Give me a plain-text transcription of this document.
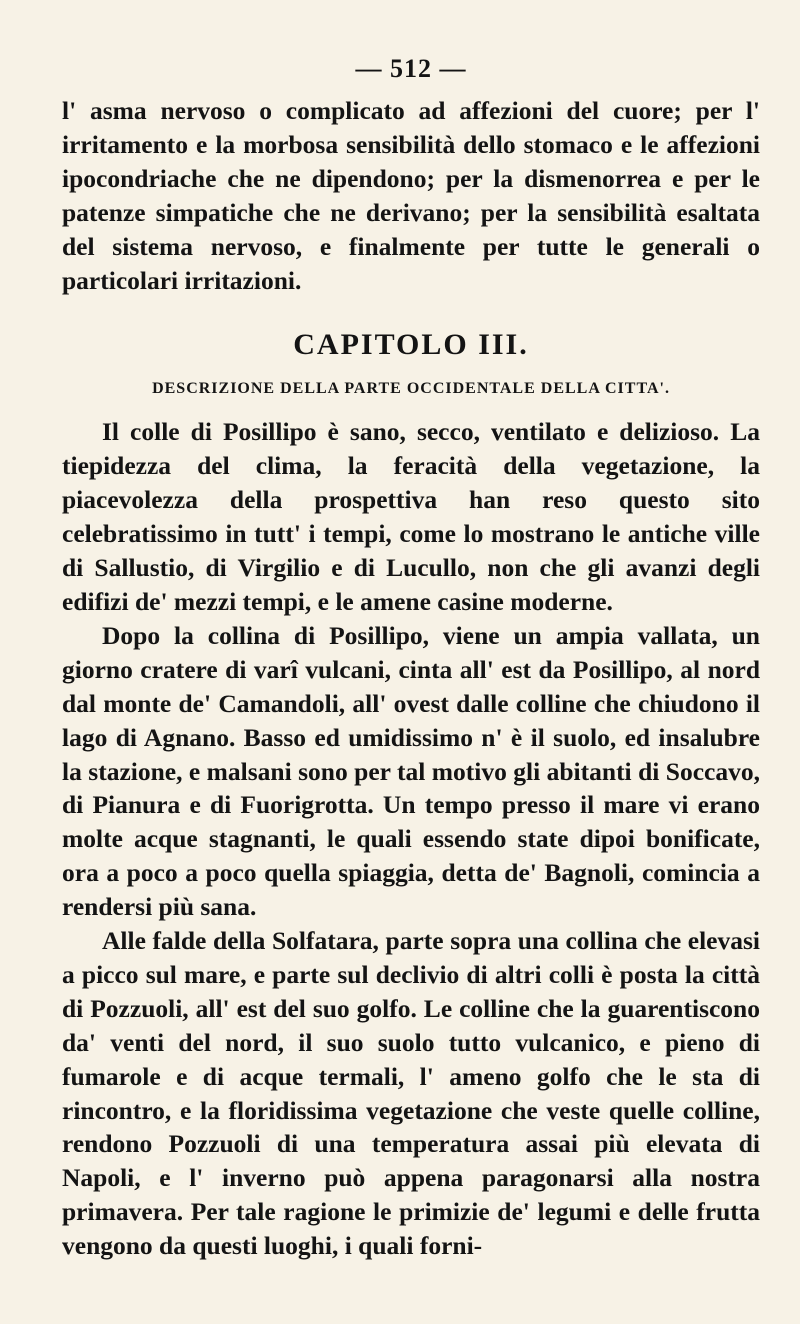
— 512 —

l' asma nervoso o complicato ad affezioni del cuore; per l' irritamento e la morbosa sensibilità dello stomaco e le affezioni ipocondriache che ne dipendono; per la dismenorrea e per le patenze simpatiche che ne derivano; per la sensibilità esaltata del sistema nervoso, e finalmente per tutte le generali o particolari irritazioni.

CAPITOLO III.
DESCRIZIONE DELLA PARTE OCCIDENTALE DELLA CITTA'.

Il colle di Posillipo è sano, secco, ventilato e delizioso. La tiepidezza del clima, la feracità della vegetazione, la piacevolezza della prospettiva han reso questo sito celebratissimo in tutt' i tempi, come lo mostrano le antiche ville di Sallustio, di Virgilio e di Lucullo, non che gli avanzi degli edifizi de' mezzi tempi, e le amene casine moderne.

Dopo la collina di Posillipo, viene un ampia vallata, un giorno cratere di varî vulcani, cinta all' est da Posillipo, al nord dal monte de' Camandoli, all' ovest dalle colline che chiudono il lago di Agnano. Basso ed umidissimo n' è il suolo, ed insalubre la stazione, e malsani sono per tal motivo gli abitanti di Soccavo, di Pianura e di Fuorigrotta. Un tempo presso il mare vi erano molte acque stagnanti, le quali essendo state dipoi bonificate, ora a poco a poco quella spiaggia, detta de' Bagnoli, comincia a rendersi più sana.

Alle falde della Solfatara, parte sopra una collina che elevasi a picco sul mare, e parte sul declivio di altri colli è posta la città di Pozzuoli, all' est del suo golfo. Le colline che la guarentiscono da' venti del nord, il suo suolo tutto vulcanico, e pieno di fumarole e di acque termali, l' ameno golfo che le sta di rincontro, e la floridissima vegetazione che veste quelle colline, rendono Pozzuoli di una temperatura assai più elevata di Napoli, e l' inverno può appena paragonarsi alla nostra primavera. Per tale ragione le primizie de' legumi e delle frutta vengono da questi luoghi, i quali forni-
